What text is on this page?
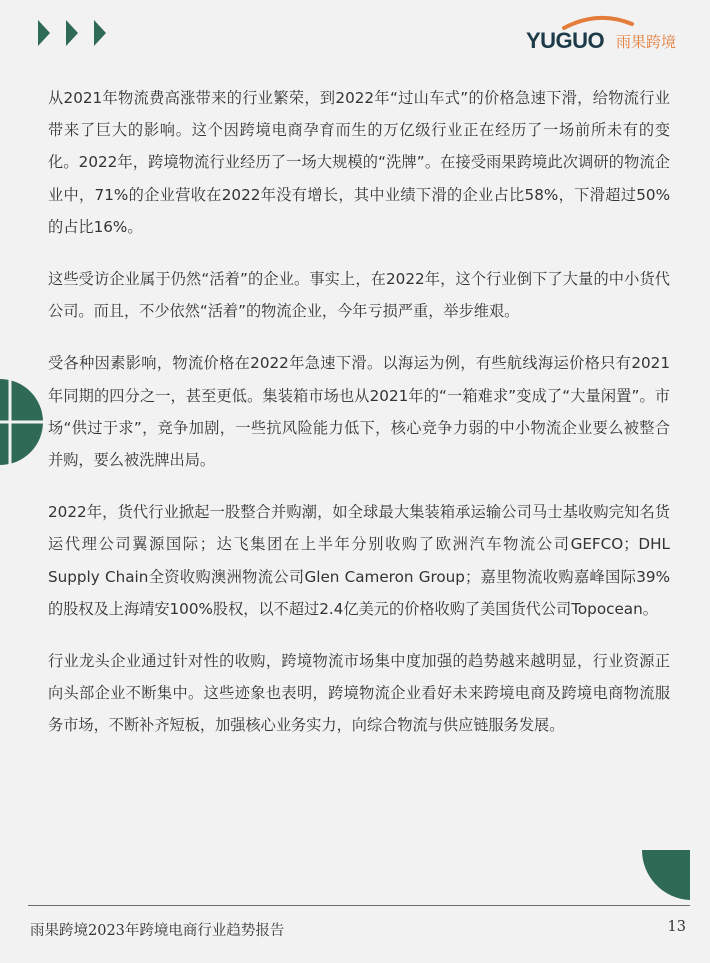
YUGUO 雨果跨境

从2021年物流费高涨带来的行业繁荣，到2022年“过山车式”的价格急速下滑，给物流行业带来了巨大的影响。这个因跨境电商孕育而生的万亿级行业正在经历了一场前所未有的变化。2022年，跨境物流行业经历了一场大规模的“洗牌”。在接受雨果跨境此次调研的物流企业中，71%的企业营收在2022年没有增长，其中业绩下滑的企业占比58%，下滑超过50%的占比16%。

这些受访企业属于仍然“活着”的企业。事实上，在2022年，这个行业倒下了大量的中小货代公司。而且，不少依然“活着”的物流企业，今年亏损严重，举步维艰。

受各种因素影响，物流价格在2022年急速下滑。以海运为例，有些航线海运价格只有2021年同期的四分之一，甚至更低。集装箱市场也从2021年的“一箱难求”变成了“大量闲置”。市场“供过于求”，竞争加剧，一些抗风险能力低下，核心竞争力弱的中小物流企业要么被整合并购，要么被洗牌出局。

2022年，货代行业掀起一股整合并购潮，如全球最大集装箱承运输公司马士基收购完知名货运代理公司翼源国际；达飞集团在上半年分别收购了欧洲汽车物流公司GEFCO；DHL Supply Chain全资收购澳洲物流公司Glen Cameron Group；嘉里物流收购嘉峰国际39%的股权及上海靖安100%股权，以不超过2.4亿美元的价格收购了美国货代公司Topocean。

行业龙头企业通过针对性的收购，跨境物流市场集中度加强的趋势越来越明显，行业资源正向头部企业不断集中。这些迹象也表明，跨境物流企业看好未来跨境电商及跨境电商物流服务市场，不断补齐短板，加强核心业务实力，向综合物流与供应链服务发展。

雨果跨境2023年跨境电商行业趋势报告	13
